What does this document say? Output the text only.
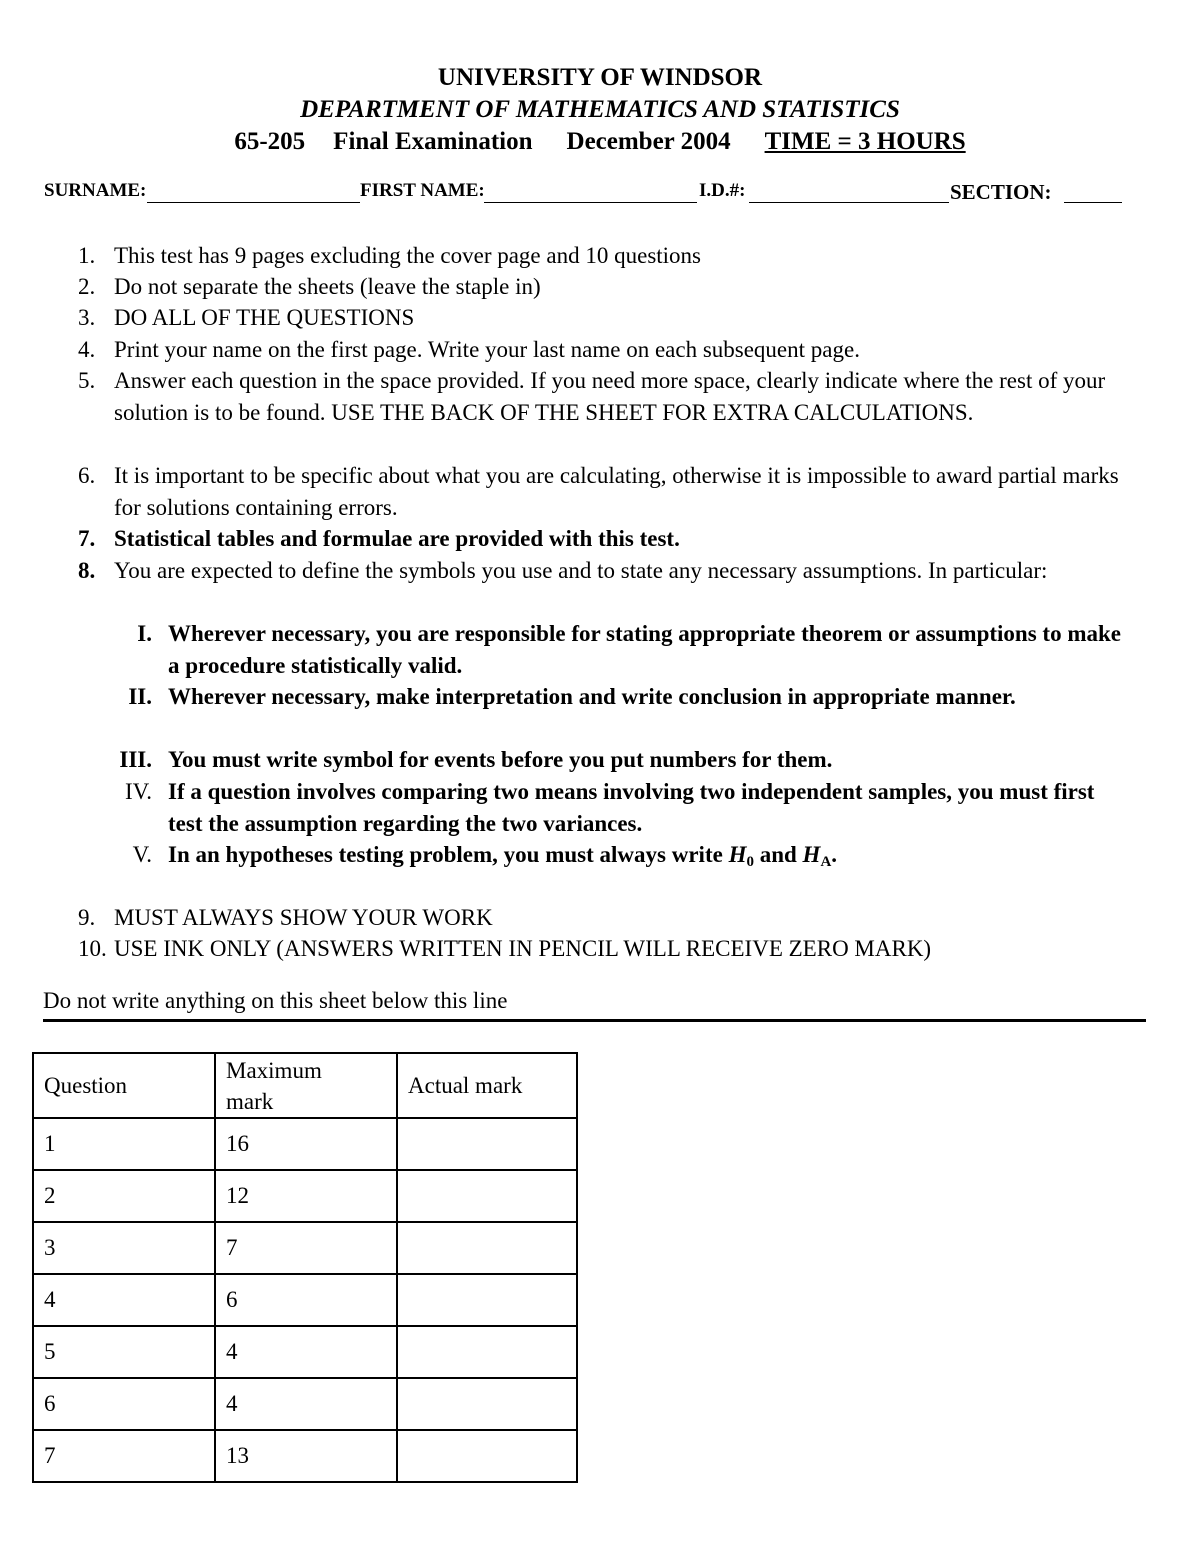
UNIVERSITY OF WINDSOR
DEPARTMENT OF MATHEMATICS AND STATISTICS
65-205 Final Examination December 2004 TIME = 3 HOURS
SURNAME:	FIRST NAME:	I.D.#:	SECTION:
1. This test has 9 pages excluding the cover page and 10 questions
2. Do not separate the sheets (leave the staple in)
3. DO ALL OF THE QUESTIONS
4. Print your name on the first page. Write your last name on each subsequent page.
5. Answer each question in the space provided. If you need more space, clearly indicate where the rest of your solution is to be found. USE THE BACK OF THE SHEET FOR EXTRA CALCULATIONS.
6. It is important to be specific about what you are calculating, otherwise it is impossible to award partial marks for solutions containing errors.
7. Statistical tables and formulae are provided with this test.
8. You are expected to define the symbols you use and to state any necessary assumptions. In particular:
I. Wherever necessary, you are responsible for stating appropriate theorem or assumptions to make a procedure statistically valid.
II. Wherever necessary, make interpretation and write conclusion in appropriate manner.
III. You must write symbol for events before you put numbers for them.
IV. If a question involves comparing two means involving two independent samples, you must first test the assumption regarding the two variances.
V. In an hypotheses testing problem, you must always write H0 and HA.
9. MUST ALWAYS SHOW YOUR WORK
10. USE INK ONLY (ANSWERS WRITTEN IN PENCIL WILL RECEIVE ZERO MARK)
Do not write anything on this sheet below this line
Question	Maximum mark	Actual mark
1	16	
2	12	
3	7	
4	6	
5	4	
6	4	
7	13	
